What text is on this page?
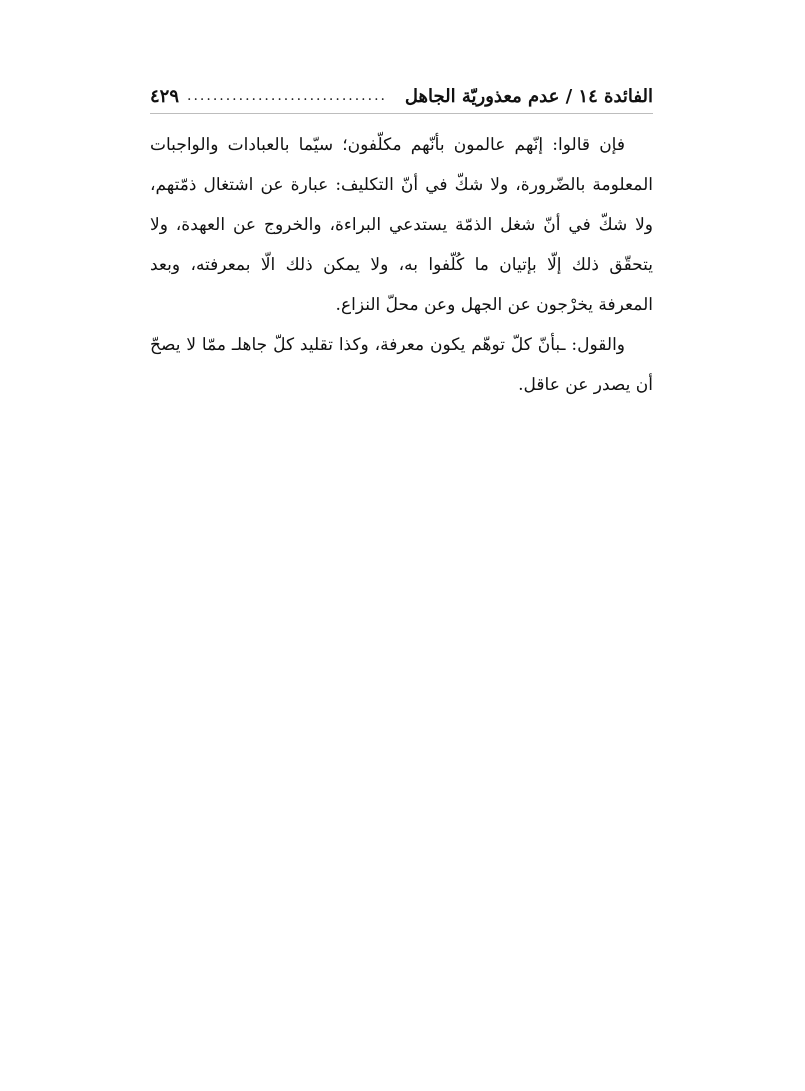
الفائدة ١٤ / عدم معذوريّة الجاهل
...............................
٤٢٩

فإن قالوا: إنّهم عالمون بأنّهم مكلّفون؛ سيّما بالعبادات والواجبات المعلومة بالضّرورة، ولا شكّ في أنّ التكليف: عبارة عن اشتغال ذمّتهم، ولا شكّ في أنّ شغل الذمّة يستدعي البراءة، والخروج عن العهدة، ولا يتحقّق ذلك إلّا بإتيان ما كُلّفوا به، ولا يمكن ذلك الّا بمعرفته، وبعد المعرفة يخرْجون عن الجهل وعن محلّ النزاع.

والقول: ـبأنّ كلّ توهّم يكون معرفة، وكذا تقليد كلّ جاهلـ ممّا لا يصحّ أن يصدر عن عاقل.
